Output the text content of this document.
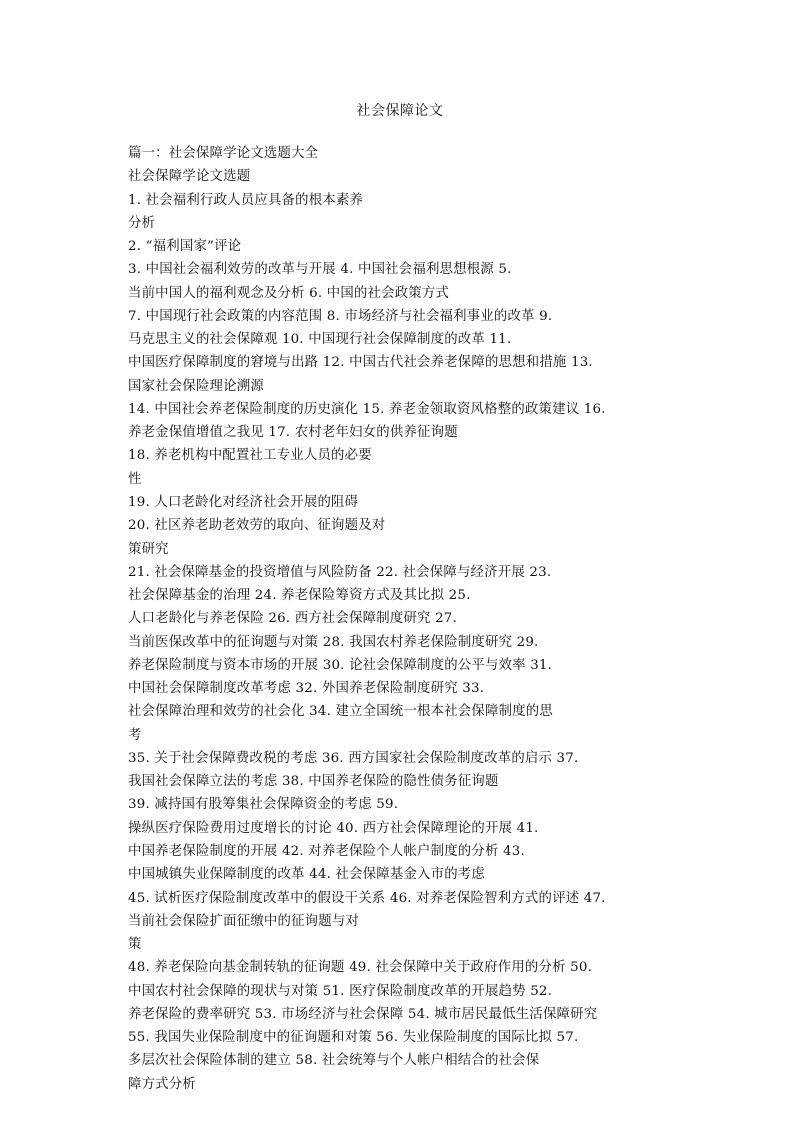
社会保障论文
篇一：社会保障学论文选题大全
社会保障学论文选题
1. 社会福利行政人员应具备的根本素养
分析
2. “福利国家”评论
3. 中国社会福利效劳的改革与开展 4. 中国社会福利思想根源 5.
当前中国人的福利观念及分析 6. 中国的社会政策方式
7. 中国现行社会政策的内容范围 8. 市场经济与社会福利事业的改革 9.
马克思主义的社会保障观 10. 中国现行社会保障制度的改革 11.
中国医疗保障制度的窘境与出路 12. 中国古代社会养老保障的思想和措施 13.
国家社会保险理论溯源
14. 中国社会养老保险制度的历史演化 15. 养老金领取资风格整的政策建议 16.
养老金保值增值之我见 17. 农村老年妇女的供养征询题
18. 养老机构中配置社工专业人员的必要
性
19. 人口老龄化对经济社会开展的阻碍
20. 社区养老助老效劳的取向、征询题及对
策研究
21. 社会保障基金的投资增值与风险防备 22. 社会保障与经济开展 23.
社会保障基金的治理 24. 养老保险筹资方式及其比拟 25.
人口老龄化与养老保险 26. 西方社会保障制度研究 27.
当前医保改革中的征询题与对策 28. 我国农村养老保险制度研究 29.
养老保险制度与资本市场的开展 30. 论社会保障制度的公平与效率 31.
中国社会保障制度改革考虑 32. 外国养老保险制度研究 33.
社会保障治理和效劳的社会化 34. 建立全国统一根本社会保障制度的思
考
35. 关于社会保障费改税的考虑 36. 西方国家社会保险制度改革的启示 37.
我国社会保障立法的考虑 38. 中国养老保险的隐性债务征询题
39. 减持国有股筹集社会保障资金的考虑 59.
操纵医疗保险费用过度增长的讨论 40. 西方社会保障理论的开展 41.
中国养老保险制度的开展 42. 对养老保险个人帐户制度的分析 43.
中国城镇失业保障制度的改革 44. 社会保障基金入市的考虑
45. 试析医疗保险制度改革中的假设干关系 46. 对养老保险智利方式的评述 47.
当前社会保险扩面征缴中的征询题与对
策
48. 养老保险向基金制转轨的征询题 49. 社会保障中关于政府作用的分析 50.
中国农村社会保障的现状与对策 51. 医疗保险制度改革的开展趋势 52.
养老保险的费率研究 53. 市场经济与社会保障 54. 城市居民最低生活保障研究
55. 我国失业保险制度中的征询题和对策 56. 失业保险制度的国际比拟 57.
多层次社会保险体制的建立 58. 社会统筹与个人帐户相结合的社会保
障方式分析
